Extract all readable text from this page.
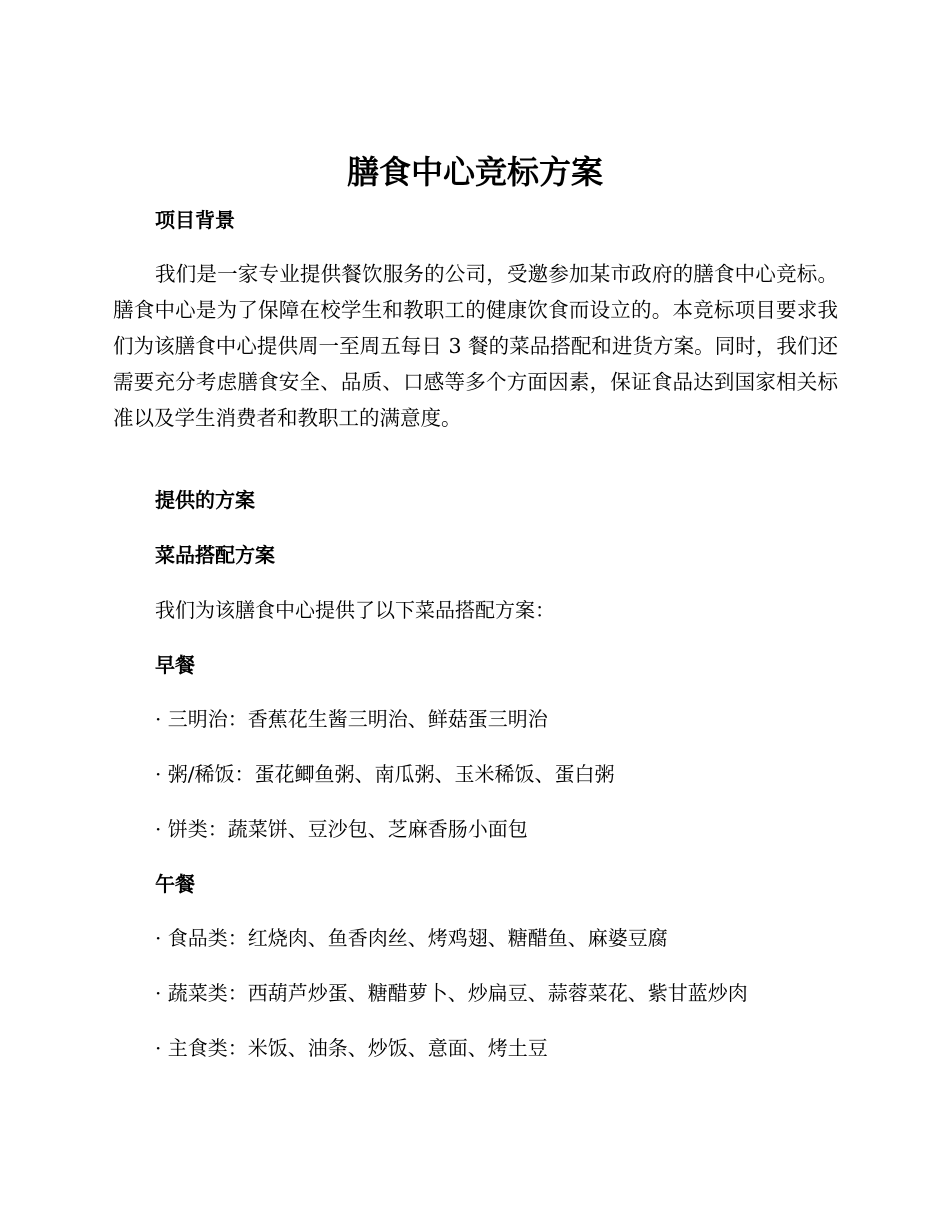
膳食中心竞标方案
项目背景

我们是一家专业提供餐饮服务的公司，受邀参加某市政府的膳食中心竞标。膳食中心是为了保障在校学生和教职工的健康饮食而设立的。本竞标项目要求我们为该膳食中心提供周一至周五每日 3 餐的菜品搭配和进货方案。同时，我们还需要充分考虑膳食安全、品质、口感等多个方面因素，保证食品达到国家相关标准以及学生消费者和教职工的满意度。

提供的方案
菜品搭配方案

我们为该膳食中心提供了以下菜品搭配方案：

早餐

· 三明治：香蕉花生酱三明治、鲜菇蛋三明治

· 粥/稀饭：蛋花鲫鱼粥、南瓜粥、玉米稀饭、蛋白粥

· 饼类：蔬菜饼、豆沙包、芝麻香肠小面包

午餐

· 食品类：红烧肉、鱼香肉丝、烤鸡翅、糖醋鱼、麻婆豆腐

· 蔬菜类：西葫芦炒蛋、糖醋萝卜、炒扁豆、蒜蓉菜花、紫甘蓝炒肉

· 主食类：米饭、油条、炒饭、意面、烤土豆
